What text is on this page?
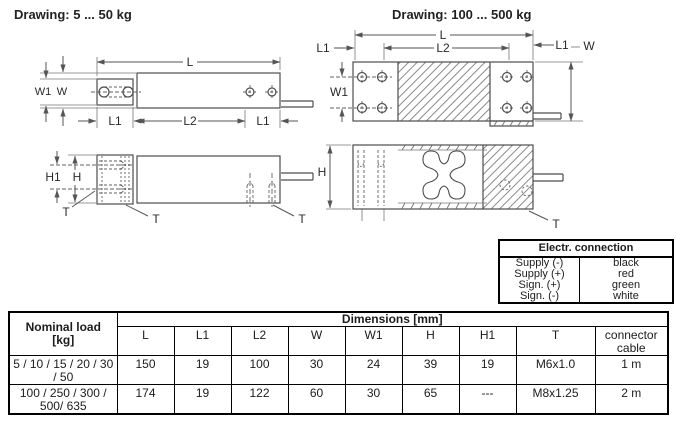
Drawing: 5 ... 50 kg	Drawing: 100 ... 500 kg
L
W1 W
L1	L2	L1
H1 H
T	T	T
L
L2
L1	L1 W
W1
H
T
Electr. connection
Supply (-)	black
Supply (+)	red
Sign. (+)	green
Sign. (-)	white
Nominal load
[kg]	Dimensions [mm]								
	L	L1	L2	W	W1	H	H1	T	connector cable
5 / 10 / 15 / 20 / 30 / 50	150	19	100	30	24	39	19	M6x1.0	1 m
100 / 250 / 300 / 500/ 635	174	19	122	60	30	65	---	M8x1.25	2 m
